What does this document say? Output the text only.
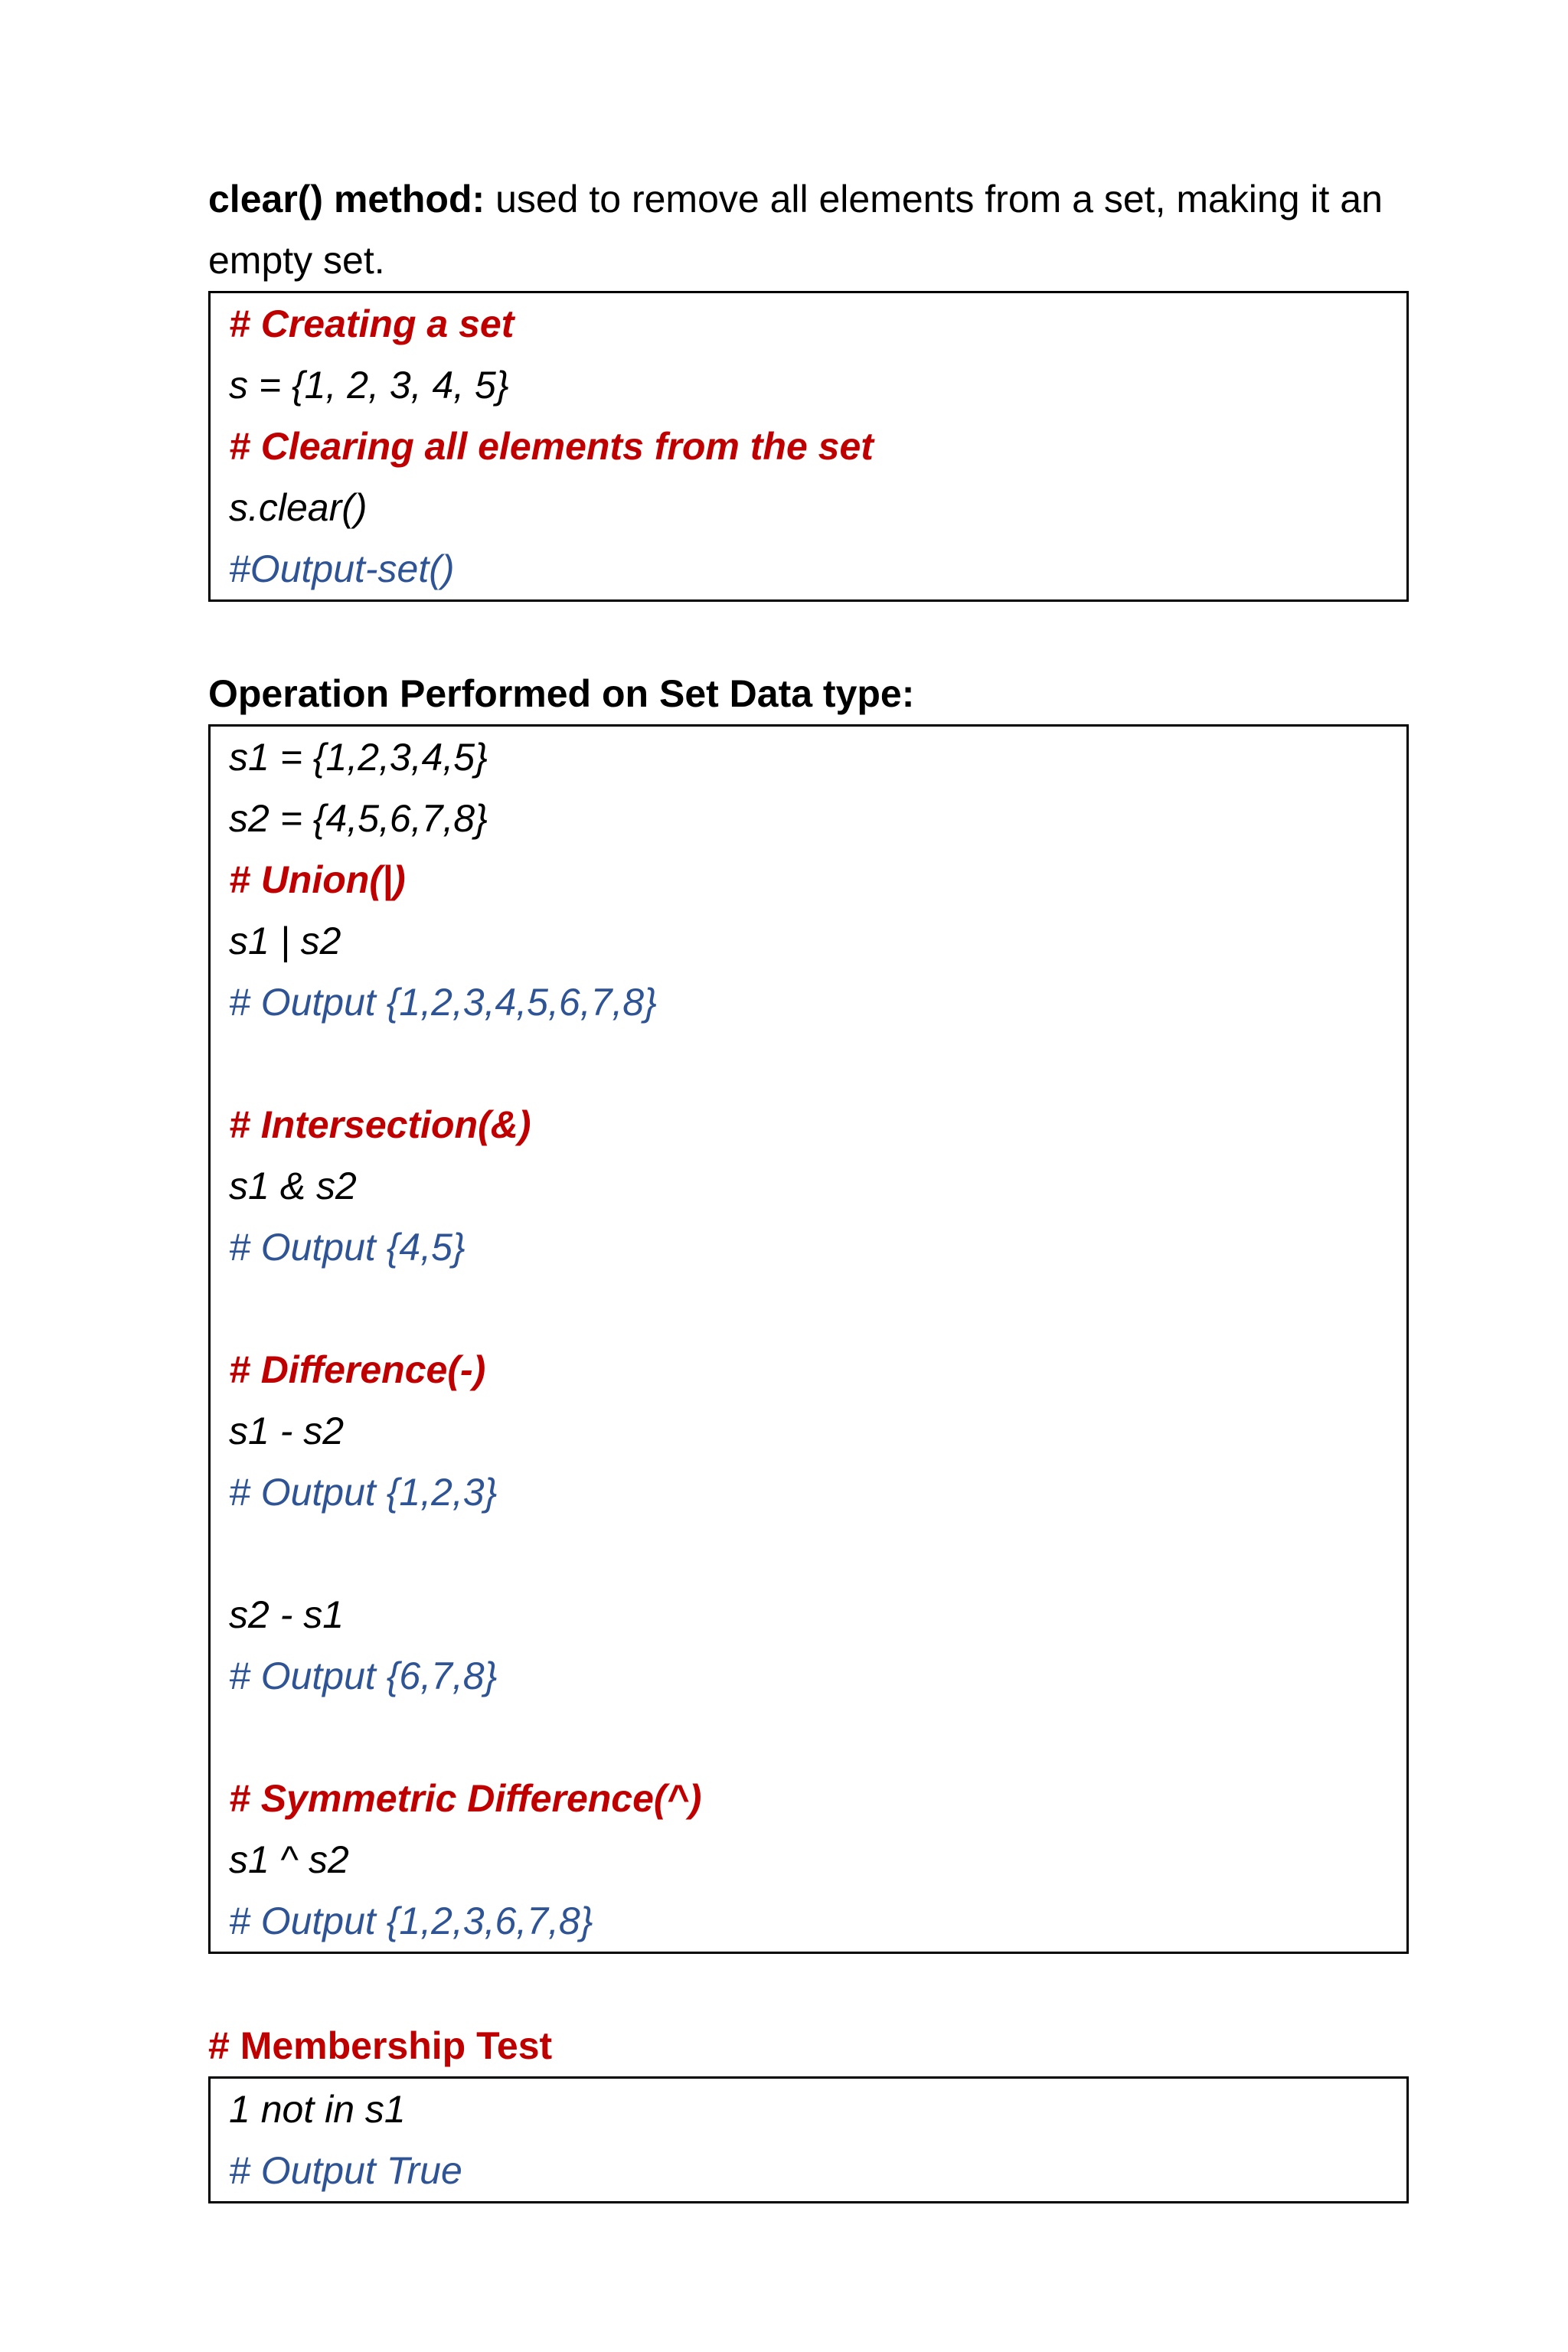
clear() method: used to remove all elements from a set, making it an empty set.

# Creating a set
s = {1, 2, 3, 4, 5}
# Clearing all elements from the set
s.clear()
#Output-set()

Operation Performed on Set Data type:

s1 = {1,2,3,4,5}
s2 = {4,5,6,7,8}
# Union(|)
s1 | s2
# Output {1,2,3,4,5,6,7,8}
# Intersection(&)
s1 & s2
# Output {4,5}
# Difference(-)
s1 - s2
# Output {1,2,3}
s2 - s1
# Output {6,7,8}
# Symmetric Difference(^)
s1 ^ s2
# Output {1,2,3,6,7,8}

# Membership Test

1 not in s1
# Output True
